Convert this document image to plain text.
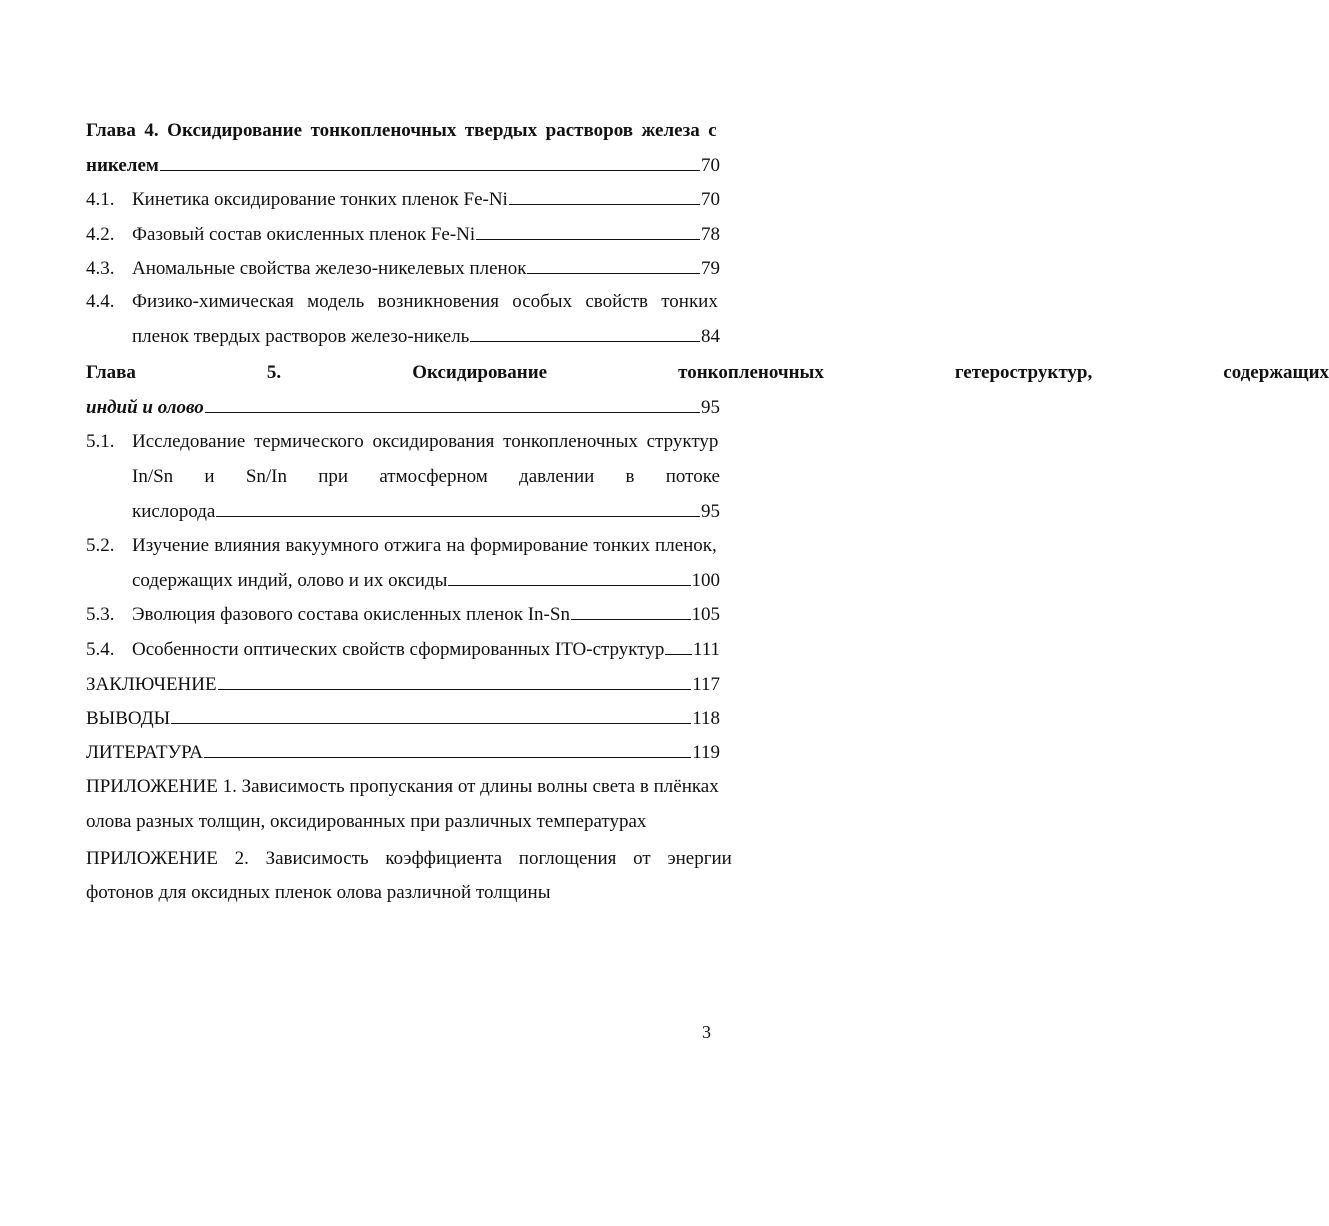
Глава 4. Оксидирование тонкопленочных твердых растворов железа с
никелем	70
4.1. Кинетика оксидирование тонких пленок Fe-Ni	70
4.2. Фазовый состав окисленных пленок Fe-Ni	78
4.3. Аномальные свойства железо-никелевых пленок	79
4.4. Физико-химическая модель возникновения особых свойств тонких
пленок твердых растворов железо-никель	84
Глава 5. Оксидирование тонкопленочных гетероструктур, содержащих
индий и олово	95
5.1. Исследование термического оксидирования тонкопленочных структур
In/Sn и Sn/In при атмосферном давлении в потоке
кислорода	95
5.2. Изучение влияния вакуумного отжига на формирование тонких пленок,
содержащих индий, олово и их оксиды	100
5.3. Эволюция фазового состава окисленных пленок In-Sn	105
5.4. Особенности оптических свойств сформированных ITO-структур 111
ЗАКЛЮЧЕНИЕ	117
ВЫВОДЫ	118
ЛИТЕРАТУРА	119
ПРИЛОЖЕНИЕ 1. Зависимость пропускания от длины волны света в плёнках
олова разных толщин, оксидированных при различных температурах
ПРИЛОЖЕНИЕ 2. Зависимость коэффициента поглощения от энергии
фотонов для оксидных пленок олова различной толщины
3
